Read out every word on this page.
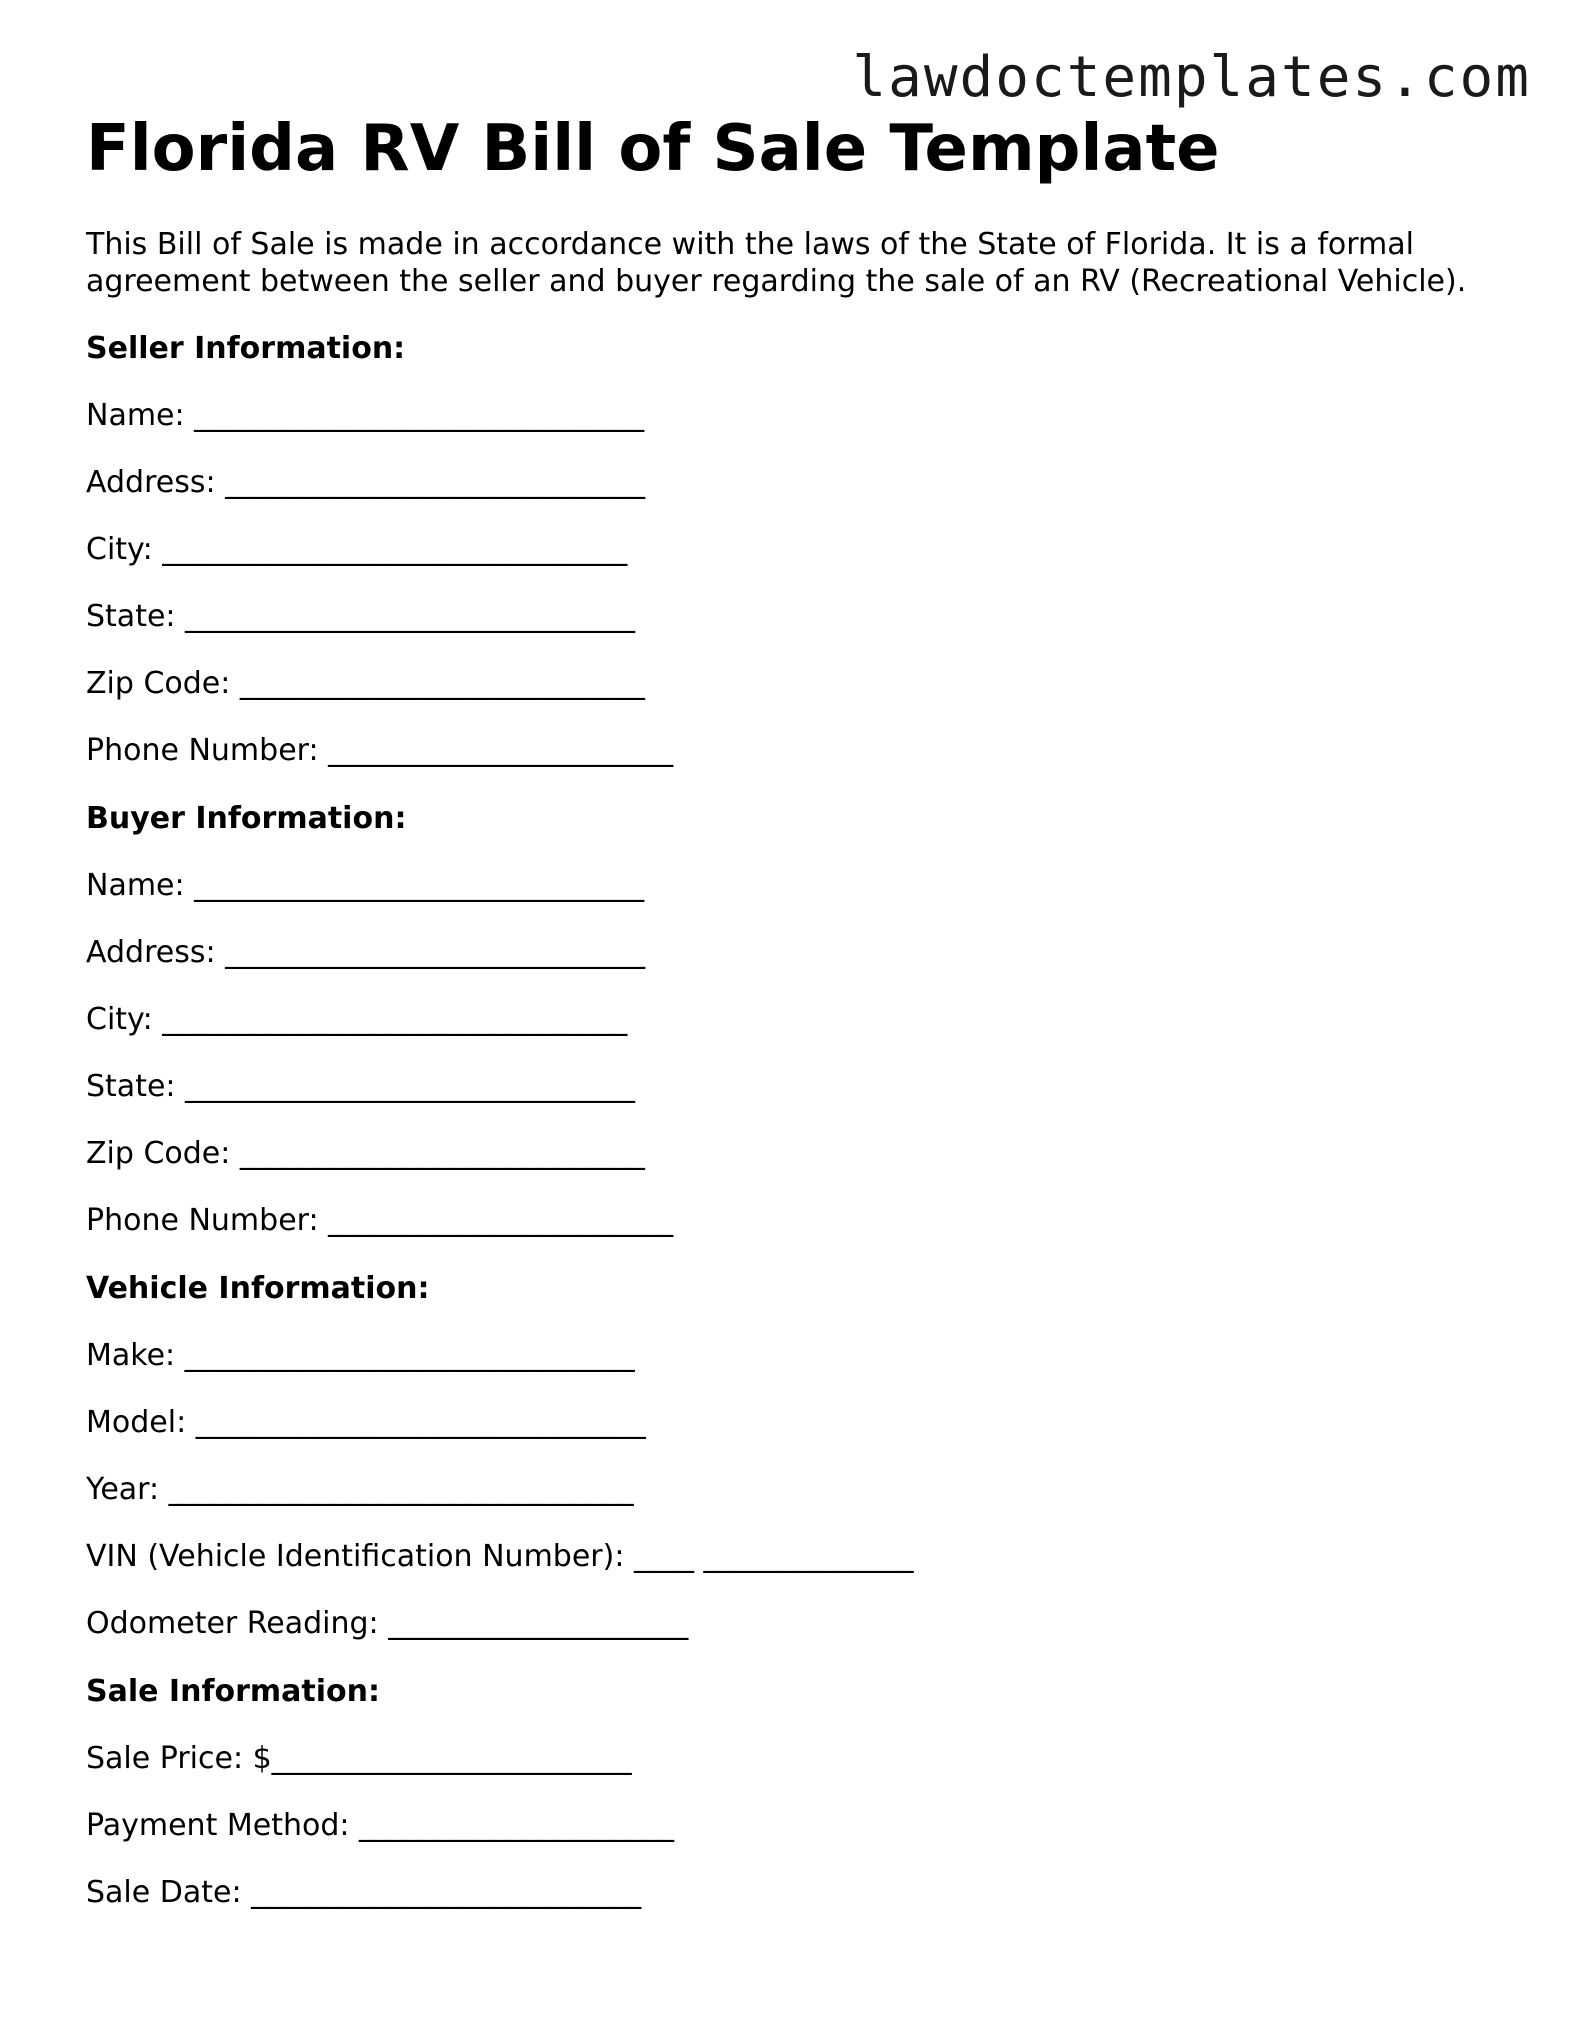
lawdoctemplates.com
Florida RV Bill of Sale Template

This Bill of Sale is made in accordance with the laws of the State of Florida. It is a formal agreement between the seller and buyer regarding the sale of an RV (Recreational Vehicle).

Seller Information:
Name: ______________________________
Address: ____________________________
City: _______________________________
State: ______________________________
Zip Code: ___________________________
Phone Number: _______________________
Buyer Information:
Name: ______________________________
Address: ____________________________
City: _______________________________
State: ______________________________
Zip Code: ___________________________
Phone Number: _______________________
Vehicle Information:
Make: ______________________________
Model: ______________________________
Year: _______________________________
VIN (Vehicle Identification Number): ____ ______________
Odometer Reading: ____________________
Sale Information:
Sale Price: $________________________
Payment Method: _____________________
Sale Date: __________________________
